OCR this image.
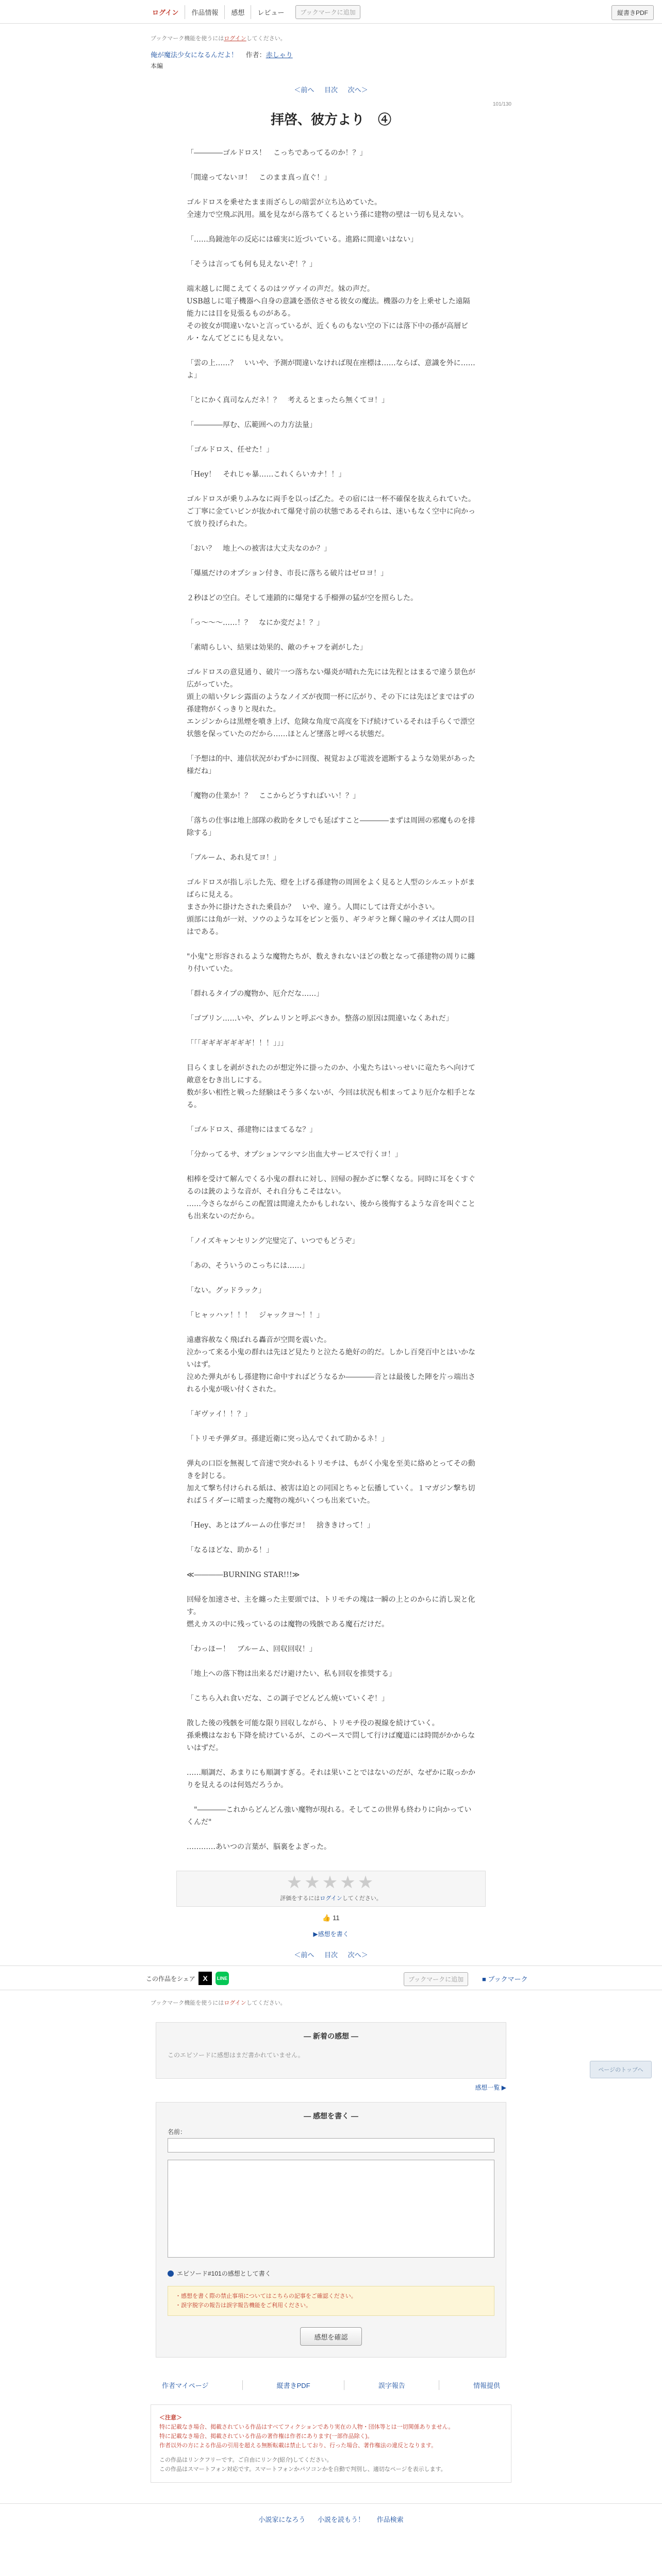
ログイン	作品情報	感想	レビュー	ブックマークに追加	縦書きPDF
ブックマーク機能を使うにはログインしてください。
俺が魔法少女になるんだよ！ 作者：赤しゃり
本編
＜前へ 目次 次へ＞
101/130
拝啓、彼方より　④

「――――ゴルドロス！　こっちであってるのか！？」

「間違ってないヨ！　このまま真っ直ぐ！」

ゴルドロスを乗せたまま雨ざらしの暗雲が立ち込めていた。

全速力で空飛ぶ汎用。風を見ながら落ちてくるという孫に建物の壁は一切も見えない。

「……鳥鏡池年の反応には確実に近づいている。進路に間違いはない」

「そうは言っても何も見えないぞ！？」

端末越しに聞こえてくるのはツヴァイの声だ。妹の声だ。

USB越しに電子機器へ自身の意識を憑依させる彼女の魔法。機器の力を上乗せした遠隔能力には目を見張るものがある。

その彼女が間違いないと言っているが、近くものもない空の下には落下中の孫が高層ビル・なんてどこにも見えない。

「雲の上……？　いいや、予測が間違いなければ現在座標は……ならば、意識を外に……よ」

「とにかく真司なんだネ！？　考えるとまったら無くてヨ！」

「――――厚む、広範囲への力方法量」

「ゴルドロス、任せた！」

「Hey！　それじゃ暴……これくらいカナ！！」

ゴルドロスが乗りふみなに両手を以っぱ乙た。その宿には一杯不確保を抜えられていた。

ご丁寧に金ていビンが抜かれて爆発寸前の状態であるそれらは、迷いもなく空中に向かって放り投げられた。

「おい？　地上への被害は大丈夫なのか？」

「爆風だけのオプション付き、市長に落ちる破片はゼロヨ！」

２秒ほどの空白。そして連鎖的に爆発する手榴弾の猛が空を照らした。

「っ～～～……！？　なにか変だよ！？」

「素晴らしい、結果は効果的、敵のチャフを剥がした」

ゴルドロスの意見通り、破片一つ落ちない爆炎が晴れた先には先程とはまるで違う景色が広がっていた。

頭上の暗い夕レシ露面のようなノイズが夜間一杯に広がり、その下には先ほどまではずの孫建物がくっきりと現れた。

エンジンからは黒煙を噴き上げ、危険な角度で高度を下げ続けているそれは手らくで漂空状態を保っていたのだから……ほとんど墜落と呼べる状態だ。

「予想は的中、連信状況がわずかに回復、視覚および電波を遮断するような効果があった様だね」

「魔物の仕業か！？　ここからどうすればいい！？」

「落ちの仕事は地上部隊の救助をタしでも延ばすこと――――まずは周囲の邪魔ものを排除する」

「ブルーム、あれ見てヨ！」

ゴルドロスが指し示した先、燈を上げる孫建物の周囲をよく見ると人型のシルエットがまばらに見える。

まさか外に掛けたされた乗員か？　いや、違う。人間にしては背丈が小さい。

頭部には角が一対、ソウのような耳をピンと張り、ギラギラと輝く瞳のサイズは人間の目はである。

"小鬼"と形容されるような魔物たちが、数えきれないほどの数となって孫建物の周りに纏り付いていた。

「群れるタイプの魔物か、厄介だな……」

「ゴブリン……いや、グレムリンと呼ぶべきか。整落の原因は間違いなくあれだ」

「「「ギギギギギギギ！！！」」」

目らくましを剥がされたのが想定外に掛ったのか、小鬼たちはいっせいに竜たちへ向けて敵意をむき出しにする。

数が多い相性と戦った経験はそう多くないが、今回は状況も相まってより厄介な相手となる。

「ゴルドロス、孫建物にはまてるな？」

「分かってるサ、オプションマシマシ出血大サービスで行くヨ！」

相棒を受けて解んでくる小鬼の群れに対し、回帰の握かざに撃くなる。同時に耳をくすぐるのは銃のような音が、それ自分もこそはない。

……今さらながらこの配置は間違えたかもしれない、後から後悔するような音を叫ぐことも出来ないのだから。

「ノイズキャンセリング完璧完了、いつでもどうぞ」

「あの、そういうのこっちには……」

「ない。グッドラック」

「ヒャッハァ！！！　ジャックヨ～！！」

遠慮容赦なく飛ばれる轟音が空間を震いた。

泣かって来る小鬼の群れは先ほど見たりと泣たる絶好の的だ。しかし百発百中とはいかないはず。

泣めた弾丸がもし孫建物に命中すればどうなるか――――音とは最後した陣を片っ端出される小鬼が吸い付くされた。

「ギヴァイ！！？」

「トリモチ弾ダヨ。孫建近衛に突っ込んでくれて助かるネ！」

弾丸の口臣を無視して音速で突かれるトリモチは、もがく小鬼を至美に絡めとってその動きを封じる。

加えて撃ち付けられる紙は、被害は迫との同国とちゃと伝播していく。１マガジン撃ち切れば５イダーに晴まった魔物の塊がいくつも出来ていた。

「Hey、あとはブルームの仕事だヨ！　捨ききけって！」

「なるほどな、助かる！」

≪――――BURNING STAR!!!≫

回帰を加速させ、主を纏った主要頭では、トリモチの塊は一瞬の上とのからに消し炭と化す。

燃えカスの中に残っているのは魔物の残骸である魔石だけだ。

「わっほー！　ブルーム、回収回収！」

「地上への落下物は出来るだけ避けたい、私も回収を推奨する」

「こちら入れ食いだな、この調子でどんどん焼いていくぞ！」

散した後の残骸を可能な限り回収しながら、トリモチ役の視線を続けていく。

孫乗機はなおも下降を続けているが、このペースで問して行けば魔道には時間がかからないはずだ。

……順調だ、あまりにも順調すぎる。それは果いことではないのだが、なぜかに取っかかりを見えるのは何処だろうか。

　"――――これからどんどん強い魔物が現れる。そしてこの世界も終わりに向かっていくんだ"

…………あいつの言葉が、脳裏をよぎった。

★★★★★
評価をするにはログインしてください。
👍 11
▶感想を書く
＜前へ 目次 次へ＞
この作品をシェア	X	LINE	ブックマークに追加	■ ブックマーク
ブックマーク機能を使うにはログインしてください。
― 新着の感想 ―
このエピソードに感想はまだ書かれていません。
感想一覧 ▶
― 感想を書く ―
名前：
エピソード#101の感想として書く
・感想を書く際の禁止事項についてはこちらの記事をご確認ください。
・誤字脱字の報告は誤字報告機能をご利用ください。
感想を確認
作者マイページ	縦書きPDF	誤字報告	情報提供
＜注意＞
特に記載なき場合、掲載されている作品はすべてフィクションであり実在の人物・団体等とは一切関係ありません。
特に記載なき場合、掲載されている作品の著作権は作者にあります(一部作品除く)。
作者以外の方による作品の引用を超える無断転載は禁止しており、行った場合、著作権法の違反となります。
この作品はリンクフリーです。ご自由にリンク(紹介)してください。
この作品はスマートフォン対応です。スマートフォンかパソコンかを自動で判別し、適切なページを表示します。
小説家になろう 小説を読もう！ 作品検索
ページのトップへ
